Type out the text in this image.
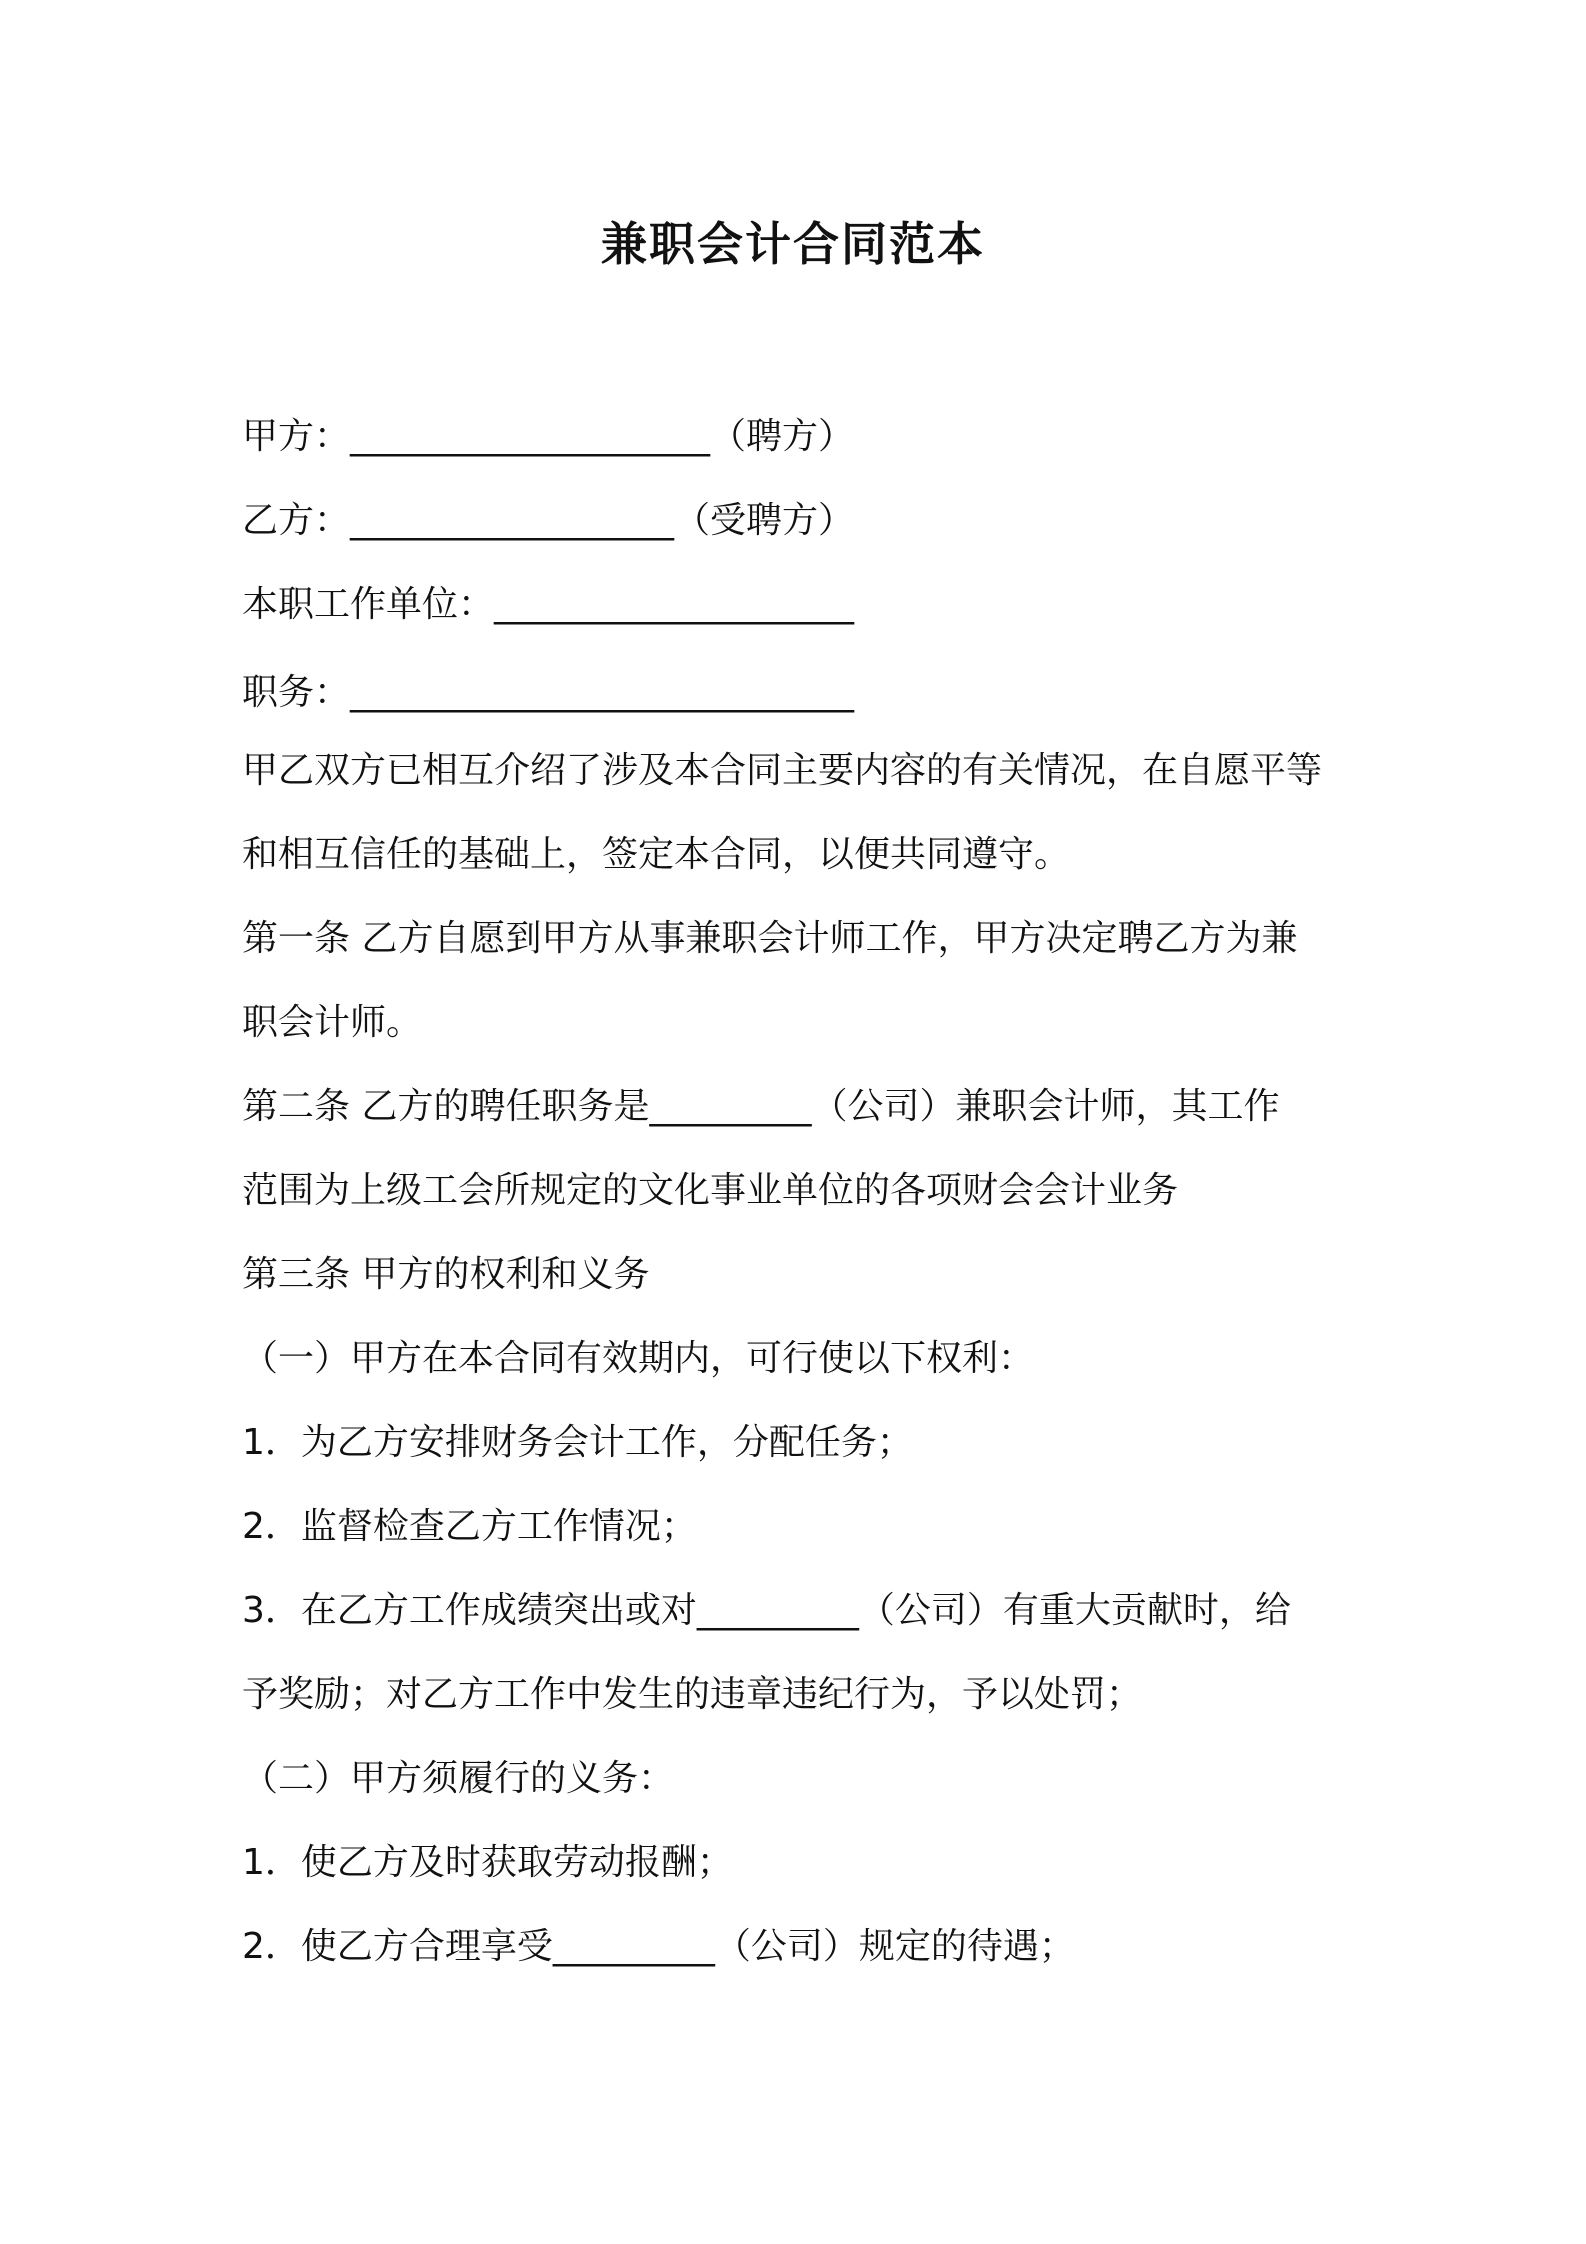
兼职会计合同范本

甲方：____________________（聘方）

乙方：__________________（受聘方）

本职工作单位：____________________

职务：____________________________

甲乙双方已相互介绍了涉及本合同主要内容的有关情况，在自愿平等

和相互信任的基础上，签定本合同，以便共同遵守。

第一条 乙方自愿到甲方从事兼职会计师工作，甲方决定聘乙方为兼

职会计师。

第二条 乙方的聘任职务是_________（公司）兼职会计师，其工作

范围为上级工会所规定的文化事业单位的各项财会会计业务

第三条 甲方的权利和义务

（一）甲方在本合同有效期内，可行使以下权利：

1．为乙方安排财务会计工作，分配任务；

2．监督检查乙方工作情况；

3．在乙方工作成绩突出或对_________（公司）有重大贡献时，给

予奖励；对乙方工作中发生的违章违纪行为，予以处罚；

（二）甲方须履行的义务：

1．使乙方及时获取劳动报酬；

2．使乙方合理享受_________（公司）规定的待遇；
